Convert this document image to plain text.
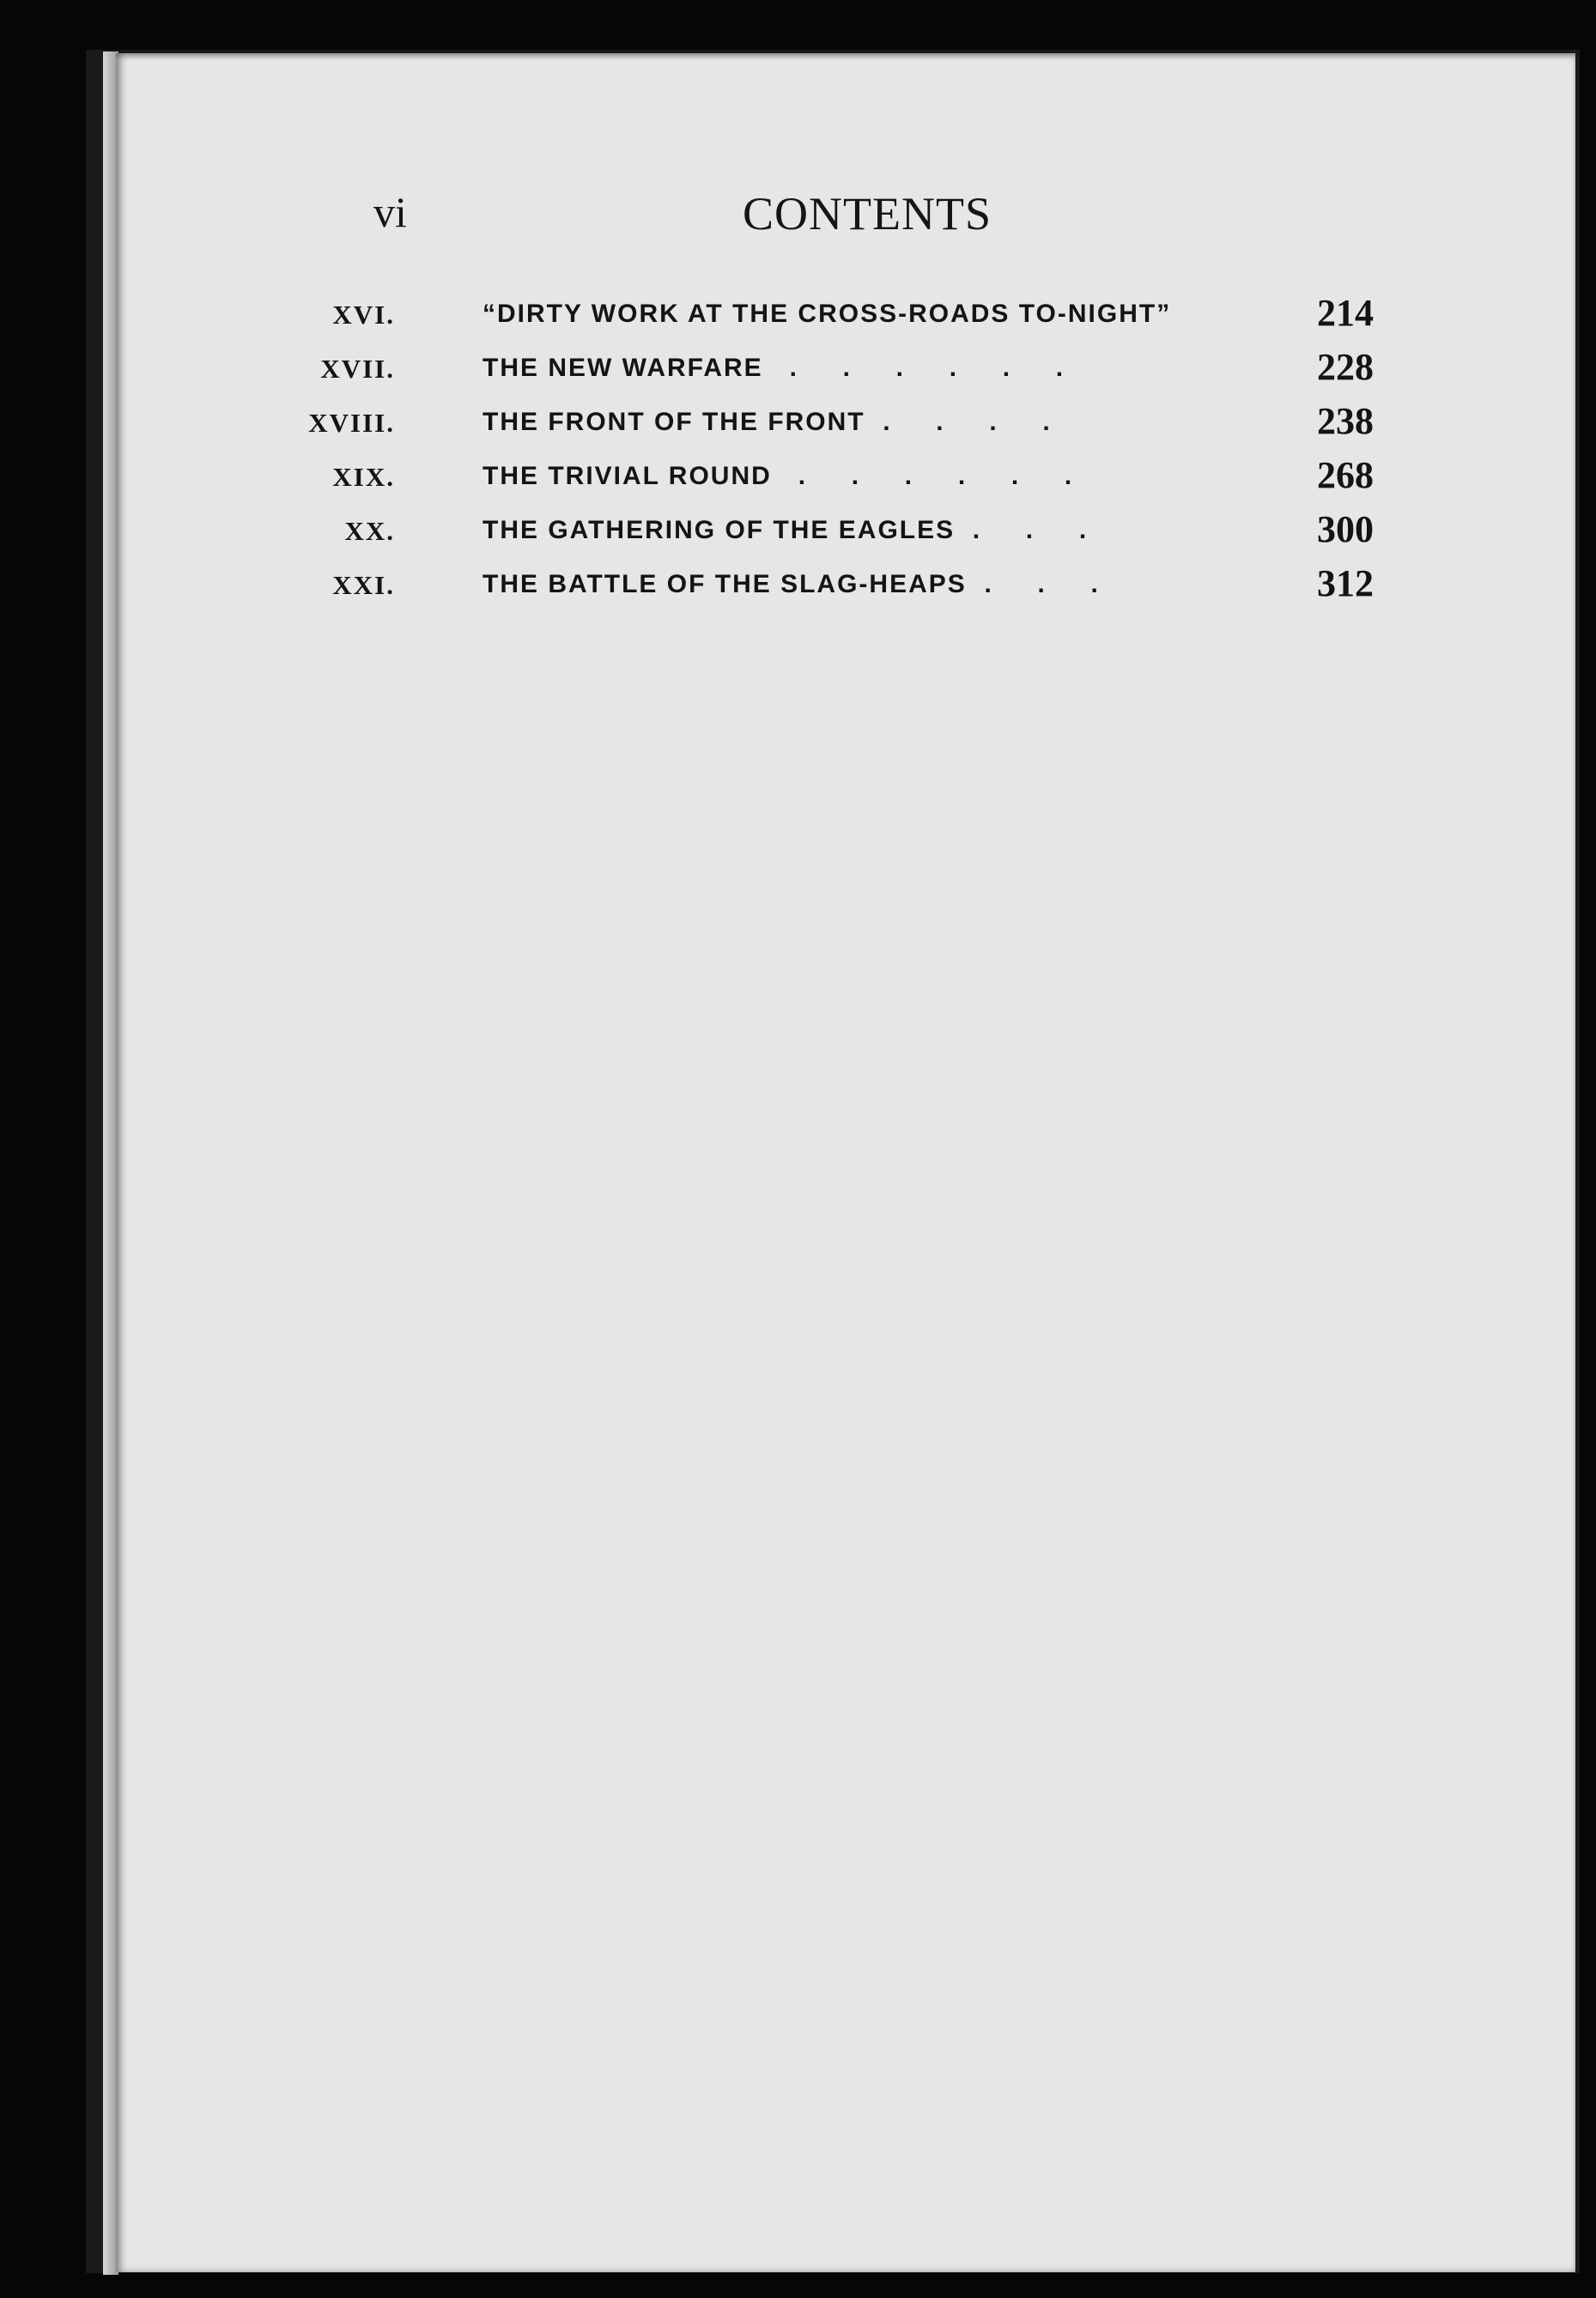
vi	CONTENTS
XVI.	“DIRTY WORK AT THE CROSS-ROADS TO-NIGHT”	214
XVII.	THE NEW WARFARE   .     .     .     .     .     .	228
XVIII.	THE FRONT OF THE FRONT  .     .     .     .	238
XIX.	THE TRIVIAL ROUND   .     .     .     .     .     .	268
XX.	THE GATHERING OF THE EAGLES  .     .     .	300
XXI.	THE BATTLE OF THE SLAG-HEAPS  .     .     .	312
